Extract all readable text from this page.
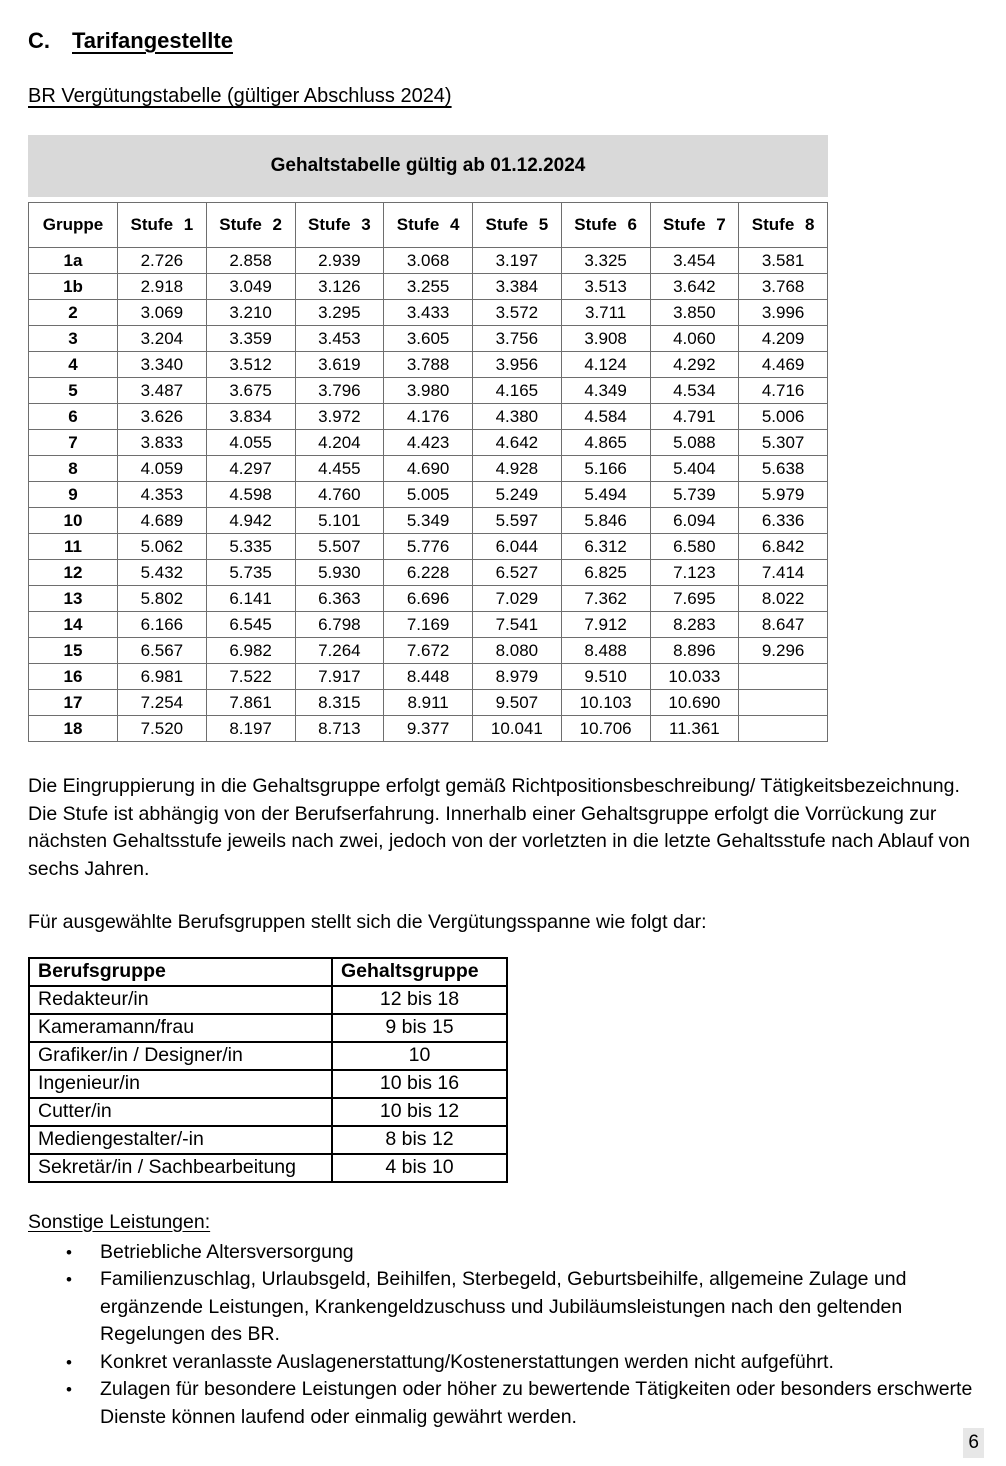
C.	Tarifangestellte
BR Vergütungstabelle (gültiger Abschluss 2024)
Gehaltstabelle gültig ab 01.12.2024
Gruppe	Stufe 1	Stufe 2	Stufe 3	Stufe 4	Stufe 5	Stufe 6	Stufe 7	Stufe 8
1a	2.726	2.858	2.939	3.068	3.197	3.325	3.454	3.581
1b	2.918	3.049	3.126	3.255	3.384	3.513	3.642	3.768
2	3.069	3.210	3.295	3.433	3.572	3.711	3.850	3.996
3	3.204	3.359	3.453	3.605	3.756	3.908	4.060	4.209
4	3.340	3.512	3.619	3.788	3.956	4.124	4.292	4.469
5	3.487	3.675	3.796	3.980	4.165	4.349	4.534	4.716
6	3.626	3.834	3.972	4.176	4.380	4.584	4.791	5.006
7	3.833	4.055	4.204	4.423	4.642	4.865	5.088	5.307
8	4.059	4.297	4.455	4.690	4.928	5.166	5.404	5.638
9	4.353	4.598	4.760	5.005	5.249	5.494	5.739	5.979
10	4.689	4.942	5.101	5.349	5.597	5.846	6.094	6.336
11	5.062	5.335	5.507	5.776	6.044	6.312	6.580	6.842
12	5.432	5.735	5.930	6.228	6.527	6.825	7.123	7.414
13	5.802	6.141	6.363	6.696	7.029	7.362	7.695	8.022
14	6.166	6.545	6.798	7.169	7.541	7.912	8.283	8.647
15	6.567	6.982	7.264	7.672	8.080	8.488	8.896	9.296
16	6.981	7.522	7.917	8.448	8.979	9.510	10.033	
17	7.254	7.861	8.315	8.911	9.507	10.103	10.690	
18	7.520	8.197	8.713	9.377	10.041	10.706	11.361	

Die Eingruppierung in die Gehaltsgruppe erfolgt gemäß Richtpositionsbeschreibung/ Tätigkeitsbezeichnung. Die Stufe ist abhängig von der Berufserfahrung. Innerhalb einer Gehaltsgruppe erfolgt die Vorrückung zur nächsten Gehaltsstufe jeweils nach zwei, jedoch von der vorletzten in die letzte Gehaltsstufe nach Ablauf von sechs Jahren.

Für ausgewählte Berufsgruppen stellt sich die Vergütungsspanne wie folgt dar:

Berufsgruppe	Gehaltsgruppe
Redakteur/in	12 bis 18
Kameramann/frau	9 bis 15
Grafiker/in / Designer/in	10
Ingenieur/in	10 bis 16
Cutter/in	10 bis 12
Mediengestalter/-in	8 bis 12
Sekretär/in / Sachbearbeitung	4 bis 10
Sonstige Leistungen:
•	Betriebliche Altersversorgung
•	Familienzuschlag, Urlaubsgeld, Beihilfen, Sterbegeld, Geburtsbeihilfe, allgemeine Zulage und ergänzende Leistungen, Krankengeldzuschuss und Jubiläumsleistungen nach den geltenden Regelungen des BR.
•	Konkret veranlasste Auslagenerstattung/Kostenerstattungen werden nicht aufgeführt.
•	Zulagen für besondere Leistungen oder höher zu bewertende Tätigkeiten oder besonders erschwerte Dienste können laufend oder einmalig gewährt werden.
6
